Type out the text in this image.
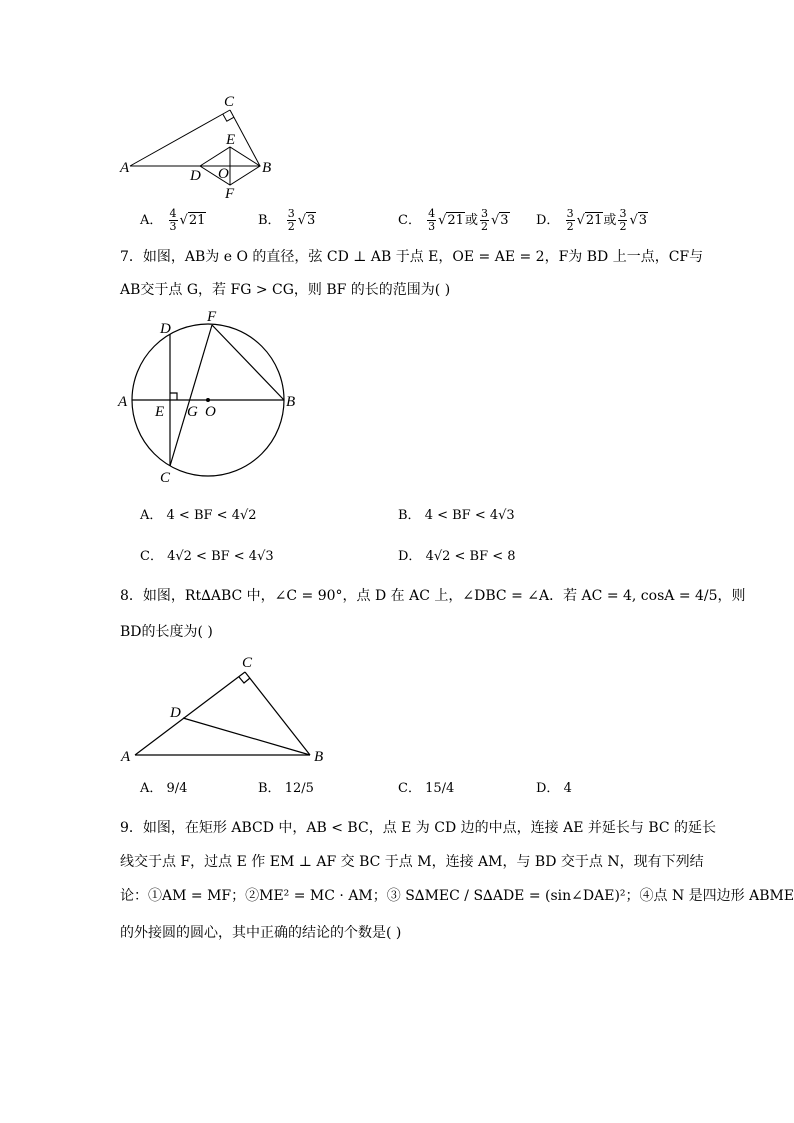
A
C
E
D O B
F
A． $\frac{4}{3} √21$	B． $\frac{3}{2} √3$	C． $\frac{4}{3} √21$或 $\frac{3}{2} √3$ D． $\frac{3}{2} √21$或 $\frac{3}{2} √3$
7．如图，AB为 e O 的直径，弦 CD ⊥ AB 于点 E，OE = AE = 2，F为 BD 上一点，CF与
AB交于点 G，若 FG > CG，则 BF 的长的范围为( )
A	B
D
F
E G O
C
A． 4 < BF < 4√2	B． 4 < BF < 4√3
C． 4√2 < BF < 4√3	D． 4√2 < BF < 8
8．如图，Rt∆ABC 中，∠C = 90°，点 D 在 AC 上，∠DBC = ∠A．若 AC = 4, cosA = 4/5，则
BD的长度为( )
A
C
D
B
A． 9/4	B． 12/5	C． 15/4	D． 4
9．如图，在矩形 ABCD 中，AB < BC，点 E 为 CD 边的中点，连接 AE 并延长与 BC 的延长
线交于点 F，过点 E 作 EM ⊥ AF 交 BC 于点 M，连接 AM，与 BD 交于点 N，现有下列结
论：①AM = MF；②ME² = MC · AM；③ S∆MEC / S∆ADE = (sin∠DAE)²；④点 N 是四边形 ABME
的外接圆的圆心，其中正确的结论的个数是( )
